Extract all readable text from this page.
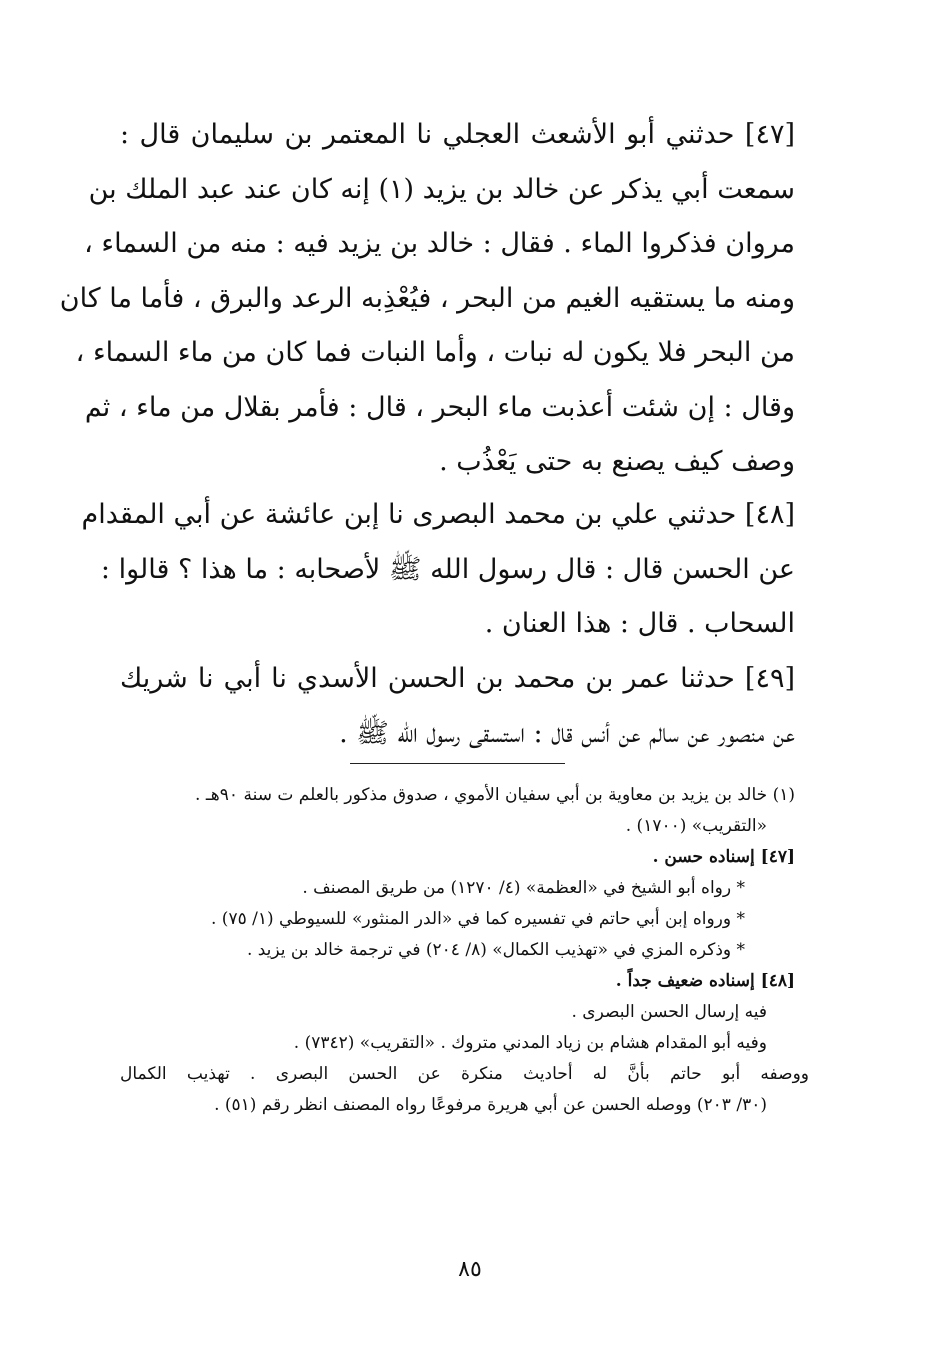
[٤٧] حدثني أبو الأشعث العجلي نا المعتمر بن سليمان قال :
سمعت أبي يذكر عن خالد بن يزيد (١) إنه كان عند عبد الملك بن
مروان فذكروا الماء . فقال : خالد بن يزيد فيه : منه من السماء ،
ومنه ما يستقيه الغيم من البحر ، فيُعْذِبه الرعد والبرق ، فأما ما كان
من البحر فلا يكون له نبات ، وأما النبات فما كان من ماء السماء ،
وقال : إن شئت أعذبت ماء البحر ، قال : فأمر بقلال من ماء ، ثم
وصف كيف يصنع به حتى يَعْذُب .
[٤٨] حدثني علي بن محمد البصرى نا إبن عائشة عن أبي المقدام
عن الحسن قال : قال رسول الله ﷺ لأصحابه : ما هذا ؟ قالوا :
السحاب . قال : هذا العنان .
[٤٩] حدثنا عمر بن محمد بن الحسن الأسدي نا أبي نا شريك
عن منصور عن سالم عن أنس قال : استسقى رسول الله ﷺ .
(١) خالد بن يزيد بن معاوية بن أبي سفيان الأموي ، صدوق مذكور بالعلم ت سنة ٩٠هـ .
«التقريب» (١٧٠٠) .
[٤٧] إسناده حسن .
* رواه أبو الشيخ في «العظمة» (٤/ ١٢٧٠) من طريق المصنف .
* ورواه إبن أبي حاتم في تفسيره كما في «الدر المنثور» للسيوطي (١/ ٧٥) .
* وذكره المزي في «تهذيب الكمال» (٨/ ٢٠٤) في ترجمة خالد بن يزيد .
[٤٨] إسناده ضعيف جداً .
فيه إرسال الحسن البصرى .
وفيه أبو المقدام هشام بن زياد المدني متروك . «التقريب» (٧٣٤٢) .
ووصفه أبو حاتم بأنَّ له أحاديث منكرة عن الحسن البصرى . تهذيب الكمال
(٣٠/ ٢٠٣) ووصله الحسن عن أبي هريرة مرفوعًا رواه المصنف انظر رقم (٥١) .
٨٥
